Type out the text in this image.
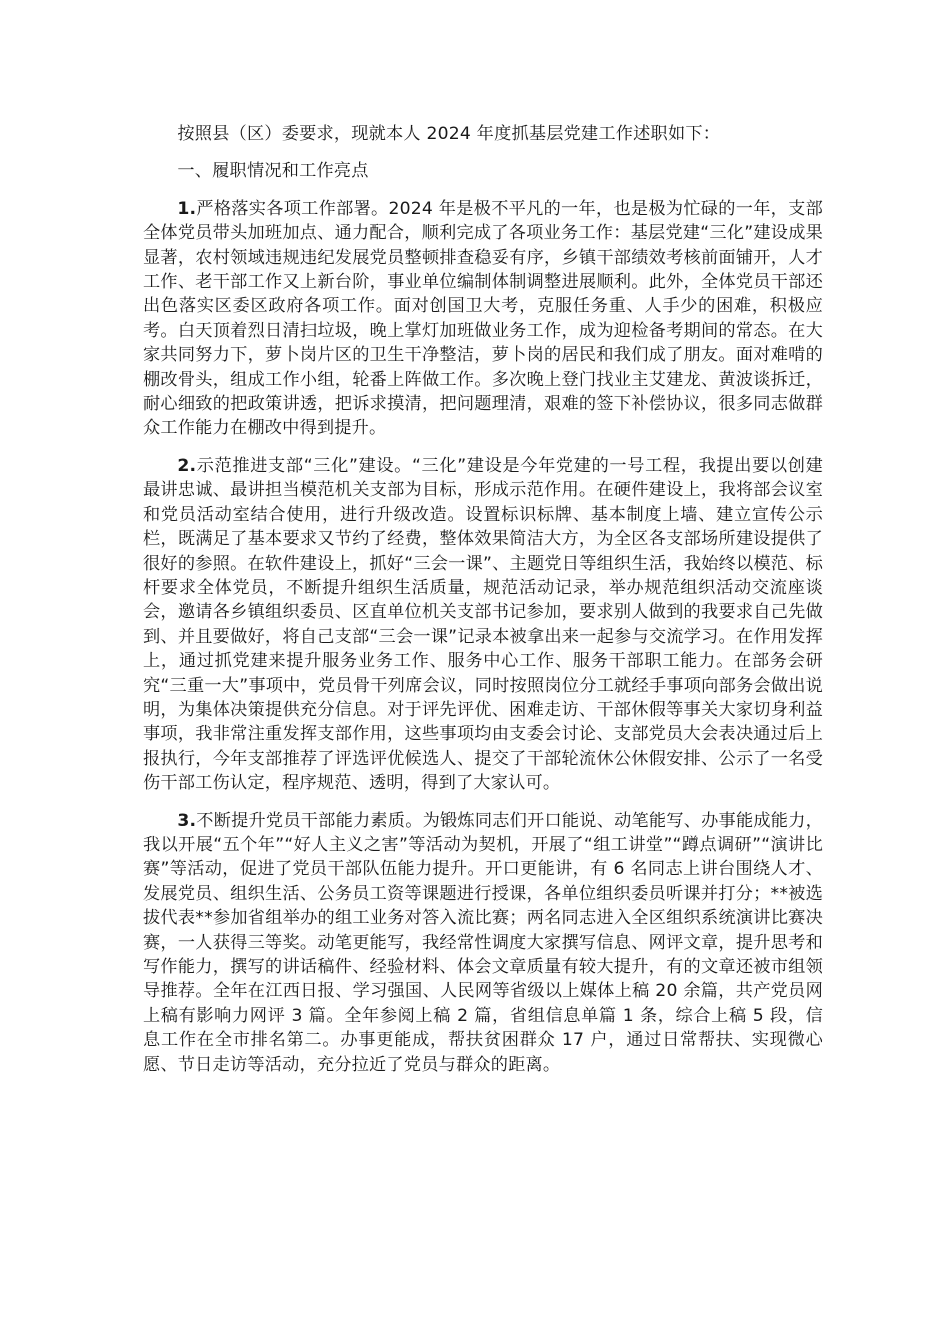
按照县（区）委要求，现就本人 2024 年度抓基层党建工作述职如下：

一、履职情况和工作亮点

1.严格落实各项工作部署。2024 年是极不平凡的一年，也是极为忙碌的一年，支部全体党员带头加班加点、通力配合，顺利完成了各项业务工作：基层党建“三化”建设成果显著，农村领域违规违纪发展党员整顿排查稳妥有序，乡镇干部绩效考核前面铺开，人才工作、老干部工作又上新台阶，事业单位编制体制调整进展顺利。此外，全体党员干部还出色落实区委区政府各项工作。面对创国卫大考，克服任务重、人手少的困难，积极应考。白天顶着烈日清扫垃圾，晚上掌灯加班做业务工作，成为迎检备考期间的常态。在大家共同努力下，萝卜岗片区的卫生干净整洁，萝卜岗的居民和我们成了朋友。面对难啃的棚改骨头，组成工作小组，轮番上阵做工作。多次晚上登门找业主艾建龙、黄波谈拆迁，耐心细致的把政策讲透，把诉求摸清，把问题理清，艰难的签下补偿协议，很多同志做群众工作能力在棚改中得到提升。

2.示范推进支部“三化”建设。“三化”建设是今年党建的一号工程，我提出要以创建最讲忠诚、最讲担当模范机关支部为目标，形成示范作用。在硬件建设上，我将部会议室和党员活动室结合使用，进行升级改造。设置标识标牌、基本制度上墙、建立宣传公示栏，既满足了基本要求又节约了经费，整体效果简洁大方，为全区各支部场所建设提供了很好的参照。在软件建设上，抓好“三会一课”、主题党日等组织生活，我始终以模范、标杆要求全体党员，不断提升组织生活质量，规范活动记录，举办规范组织活动交流座谈会，邀请各乡镇组织委员、区直单位机关支部书记参加，要求别人做到的我要求自己先做到、并且要做好，将自己支部“三会一课”记录本被拿出来一起参与交流学习。在作用发挥上，通过抓党建来提升服务业务工作、服务中心工作、服务干部职工能力。在部务会研究“三重一大”事项中，党员骨干列席会议，同时按照岗位分工就经手事项向部务会做出说明，为集体决策提供充分信息。对于评先评优、困难走访、干部休假等事关大家切身利益事项，我非常注重发挥支部作用，这些事项均由支委会讨论、支部党员大会表决通过后上报执行，今年支部推荐了评选评优候选人、提交了干部轮流休公休假安排、公示了一名受伤干部工伤认定，程序规范、透明，得到了大家认可。

3.不断提升党员干部能力素质。为锻炼同志们开口能说、动笔能写、办事能成能力，我以开展“五个年”“好人主义之害”等活动为契机，开展了“组工讲堂”“蹲点调研”“演讲比赛”等活动，促进了党员干部队伍能力提升。开口更能讲，有 6 名同志上讲台围绕人才、发展党员、组织生活、公务员工资等课题进行授课，各单位组织委员听课并打分；**被选拔代表**参加省组举办的组工业务对答入流比赛；两名同志进入全区组织系统演讲比赛决赛，一人获得三等奖。动笔更能写，我经常性调度大家撰写信息、网评文章，提升思考和写作能力，撰写的讲话稿件、经验材料、体会文章质量有较大提升，有的文章还被市组领导推荐。全年在江西日报、学习强国、人民网等省级以上媒体上稿 20 余篇，共产党员网上稿有影响力网评 3 篇。全年参阅上稿 2 篇，省组信息单篇 1 条，综合上稿 5 段，信息工作在全市排名第二。办事更能成，帮扶贫困群众 17 户，通过日常帮扶、实现微心愿、节日走访等活动，充分拉近了党员与群众的距离。
